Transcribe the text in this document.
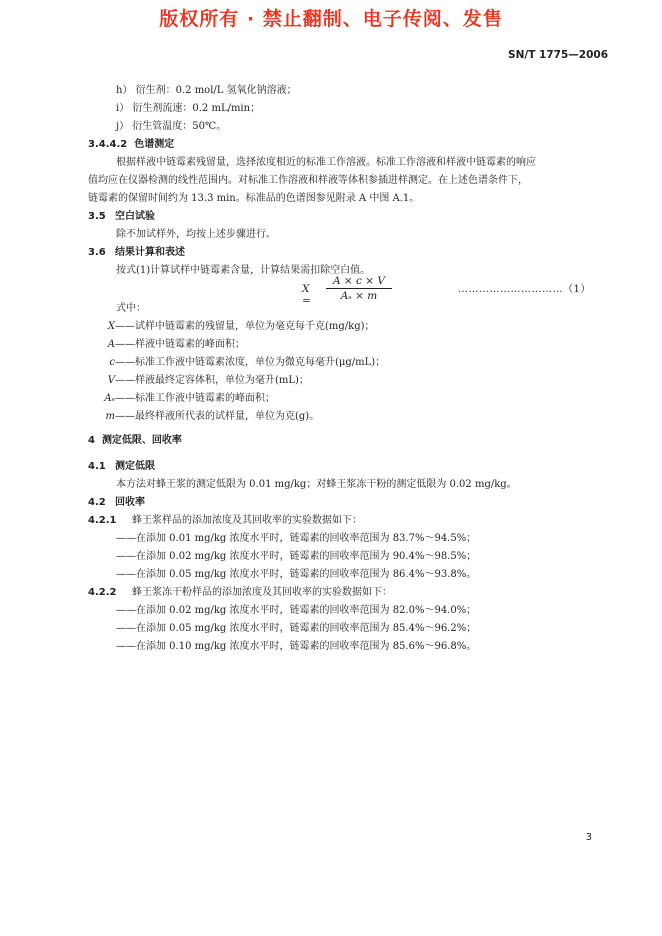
版权所有 · 禁止翻制、电子传阅、发售
SN/T 1775—2006
h） 衍生剂：0.2 mol/L 氢氧化钠溶液；
i） 衍生剂流速：0.2 mL/min；
j） 衍生管温度：50℃。
3.4.4.2 色谱测定
根据样液中链霉素残留量，选择浓度相近的标准工作溶液。标准工作溶液和样液中链霉素的响应
值均应在仪器检测的线性范围内。对标准工作溶液和样液等体积参插进样测定。在上述色谱条件下，
链霉素的保留时间约为 13.3 min。标准品的色谱图参见附录 A 中图 A.1。
3.5 空白试验
除不加试样外，均按上述步骤进行。
3.6 结果计算和表述
按式(1)计算试样中链霉素含量，计算结果需扣除空白值。
X =	$\frac{A \times c \times V}{\text{Aₛ × m}}$	…………………………（1）
式中：
X——试样中链霉素的残留量，单位为毫克每千克(mg/kg)；
A——样液中链霉素的峰面积；
c——标准工作液中链霉素浓度，单位为微克每毫升(μg/mL)；
V——样液最终定容体积，单位为毫升(mL)；
Aₛ——标准工作液中链霉素的峰面积；
m——最终样液所代表的试样量，单位为克(g)。
4 测定低限、回收率
4.1 测定低限
本方法对蜂王浆的测定低限为 0.01 mg/kg；对蜂王浆冻干粉的测定低限为 0.02 mg/kg。
4.2 回收率
4.2.1 蜂王浆样品的添加浓度及其回收率的实验数据如下：
——在添加 0.01 mg/kg 浓度水平时，链霉素的回收率范围为 83.7%～94.5%；
——在添加 0.02 mg/kg 浓度水平时，链霉素的回收率范围为 90.4%～98.5%；
——在添加 0.05 mg/kg 浓度水平时，链霉素的回收率范围为 86.4%～93.8%。
4.2.2 蜂王浆冻干粉样品的添加浓度及其回收率的实验数据如下：
——在添加 0.02 mg/kg 浓度水平时，链霉素的回收率范围为 82.0%～94.0%；
——在添加 0.05 mg/kg 浓度水平时，链霉素的回收率范围为 85.4%～96.2%；
——在添加 0.10 mg/kg 浓度水平时，链霉素的回收率范围为 85.6%～96.8%。
3
